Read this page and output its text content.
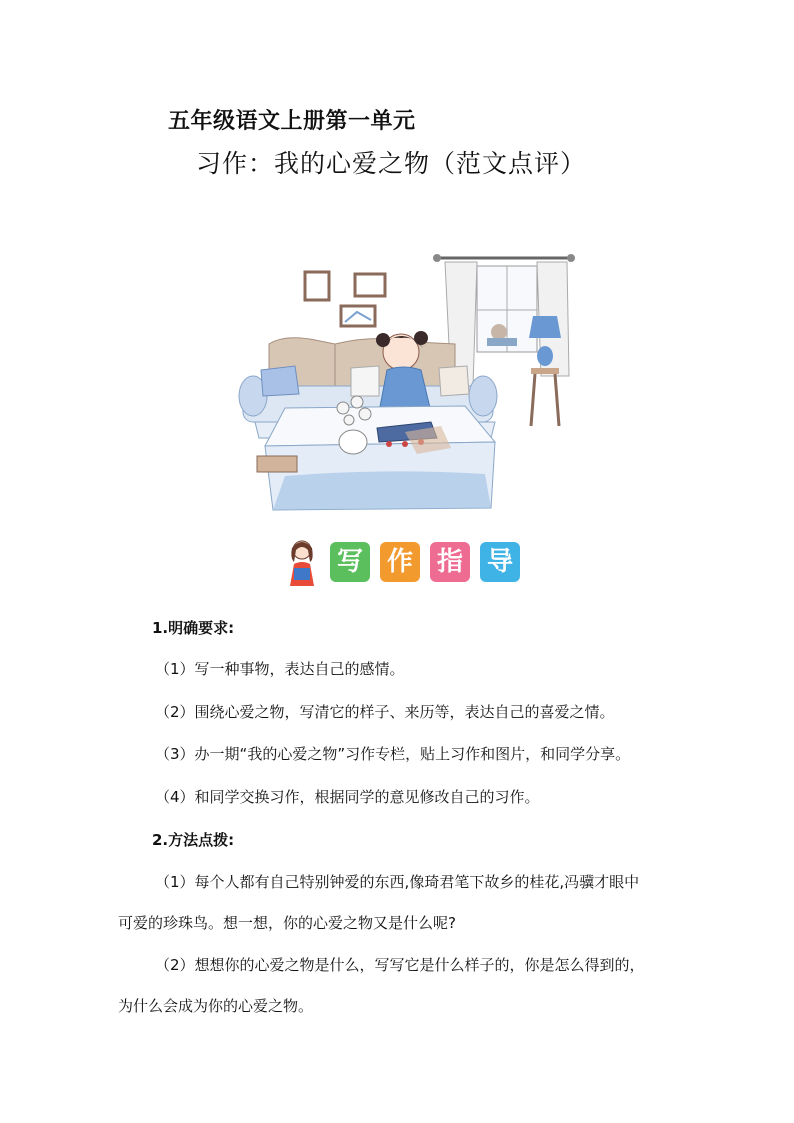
五年级语文上册第一单元
习作：我的心爱之物（范文点评）
写 作 指 导
1.明确要求:
（1）写一种事物，表达自己的感情。
（2）围绕心爱之物，写清它的样子、来历等，表达自己的喜爱之情。
（3）办一期“我的心爱之物”习作专栏，贴上习作和图片，和同学分享。
（4）和同学交换习作，根据同学的意见修改自己的习作。
2.方法点拨:
（1）每个人都有自己特别钟爱的东西,像琦君笔下故乡的桂花,冯骥才眼中
可爱的珍珠鸟。想一想，你的心爱之物又是什么呢?
（2）想想你的心爱之物是什么，写写它是什么样子的，你是怎么得到的，
为什么会成为你的心爱之物。
